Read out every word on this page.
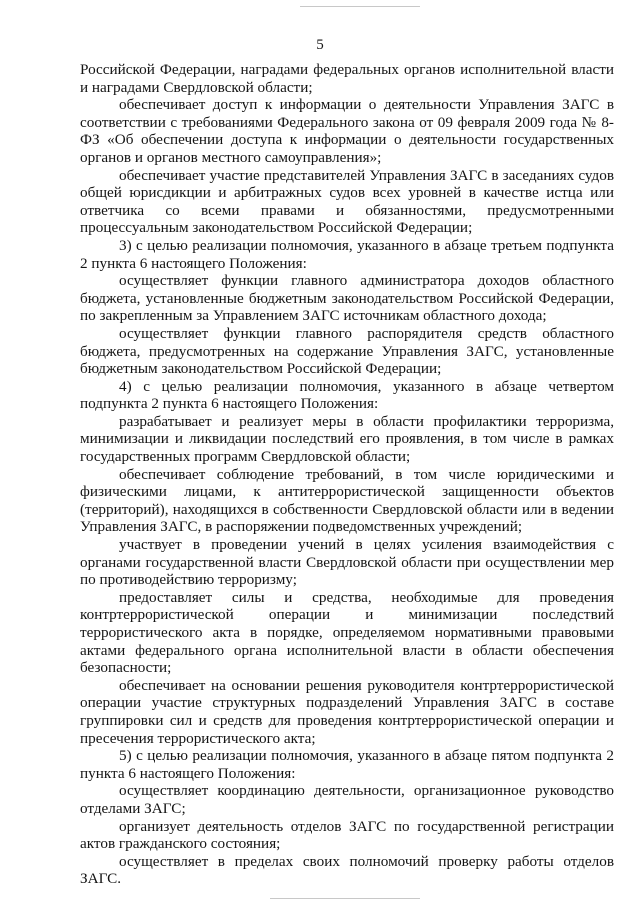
5

Российской Федерации, наградами федеральных органов исполнительной власти и наградами Свердловской области;

обеспечивает доступ к информации о деятельности Управления ЗАГС в соответствии с требованиями Федерального закона от 09 февраля 2009 года № 8-ФЗ «Об обеспечении доступа к информации о деятельности государственных органов и органов местного самоуправления»;

обеспечивает участие представителей Управления ЗАГС в заседаниях судов общей юрисдикции и арбитражных судов всех уровней в качестве истца или ответчика со всеми правами и обязанностями, предусмотренными процессуальным законодательством Российской Федерации;

3) с целью реализации полномочия, указанного в абзаце третьем подпункта 2 пункта 6 настоящего Положения:

осуществляет функции главного администратора доходов областного бюджета, установленные бюджетным законодательством Российской Федерации, по закрепленным за Управлением ЗАГС источникам областного дохода;

осуществляет функции главного распорядителя средств областного бюджета, предусмотренных на содержание Управления ЗАГС, установленные бюджетным законодательством Российской Федерации;

4) с целью реализации полномочия, указанного в абзаце четвертом подпункта 2 пункта 6 настоящего Положения:

разрабатывает и реализует меры в области профилактики терроризма, минимизации и ликвидации последствий его проявления, в том числе в рамках государственных программ Свердловской области;

обеспечивает соблюдение требований, в том числе юридическими и физическими лицами, к антитеррористической защищенности объектов (территорий), находящихся в собственности Свердловской области или в ведении Управления ЗАГС, в распоряжении подведомственных учреждений;

участвует в проведении учений в целях усиления взаимодействия с органами государственной власти Свердловской области при осуществлении мер по противодействию терроризму;

предоставляет силы и средства, необходимые для проведения контртеррористической операции и минимизации последствий террористического акта в порядке, определяемом нормативными правовыми актами федерального органа исполнительной власти в области обеспечения безопасности;

обеспечивает на основании решения руководителя контртеррористической операции участие структурных подразделений Управления ЗАГС в составе группировки сил и средств для проведения контртеррористической операции и пресечения террористического акта;

5) с целью реализации полномочия, указанного в абзаце пятом подпункта 2 пункта 6 настоящего Положения:

осуществляет координацию деятельности, организационное руководство отделами ЗАГС;

организует деятельность отделов ЗАГС по государственной регистрации актов гражданского состояния;

осуществляет в пределах своих полномочий проверку работы отделов ЗАГС.
